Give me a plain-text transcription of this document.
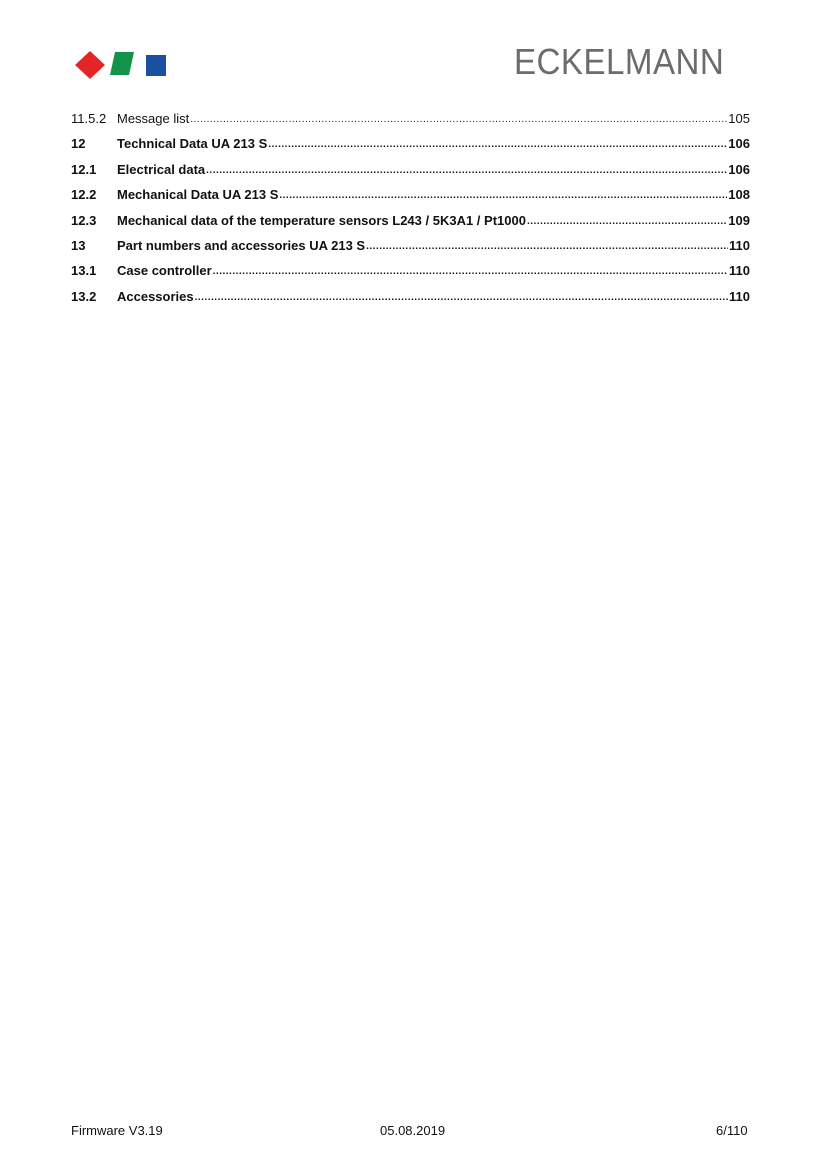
ECKELMANN
11.5.2 Message list .....	105
12	Technical Data UA 213 S .....	106
12.1	Electrical data .....	106
12.2	Mechanical Data UA 213 S .....	108
12.3	Mechanical data of the temperature sensors L243 / 5K3A1 / Pt1000 .....	109
13	Part numbers and accessories UA 213 S .....	110
13.1	Case controller .....	110
13.2	Accessories .....	110
Firmware V3.19	05.08.2019	6/110
